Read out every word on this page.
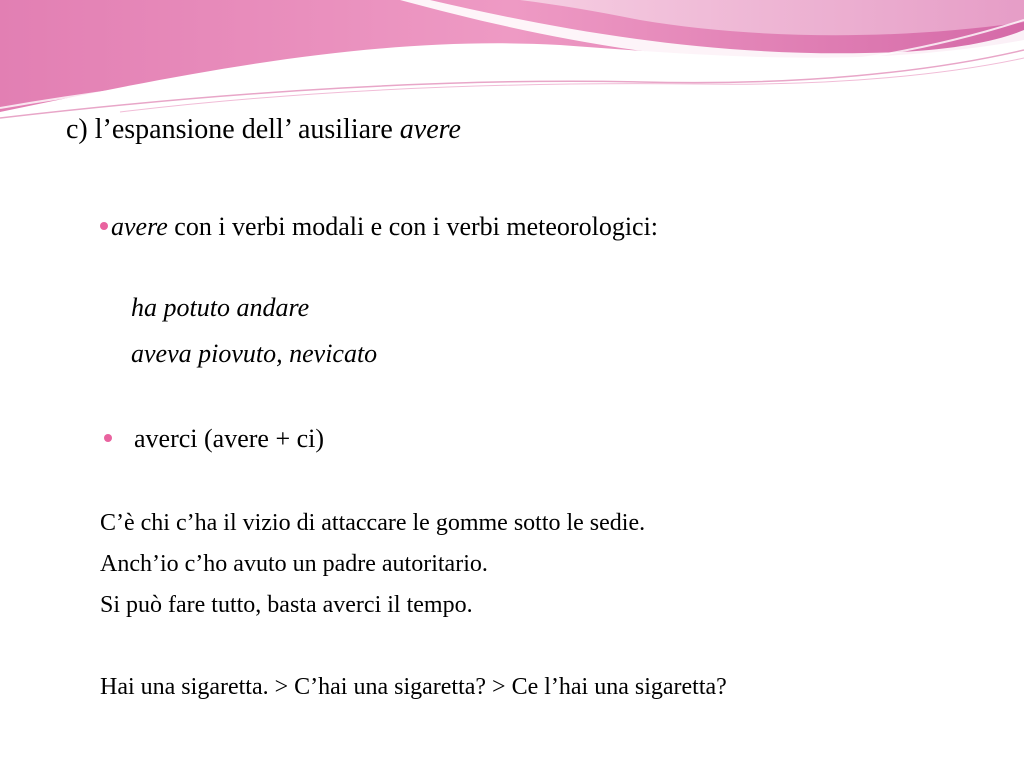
c) l’espansione dell’ ausiliare avere
avere con i verbi modali e con i verbi meteorologici:
ha potuto andare
aveva piovuto, nevicato
averci (avere + ci)
C’è chi c’ha il vizio di attaccare le gomme sotto le sedie.
Anch’io c’ho avuto un padre autoritario.
Si può fare tutto, basta averci il tempo.
Hai una sigaretta. > C’hai una sigaretta? > Ce l’hai una sigaretta?
